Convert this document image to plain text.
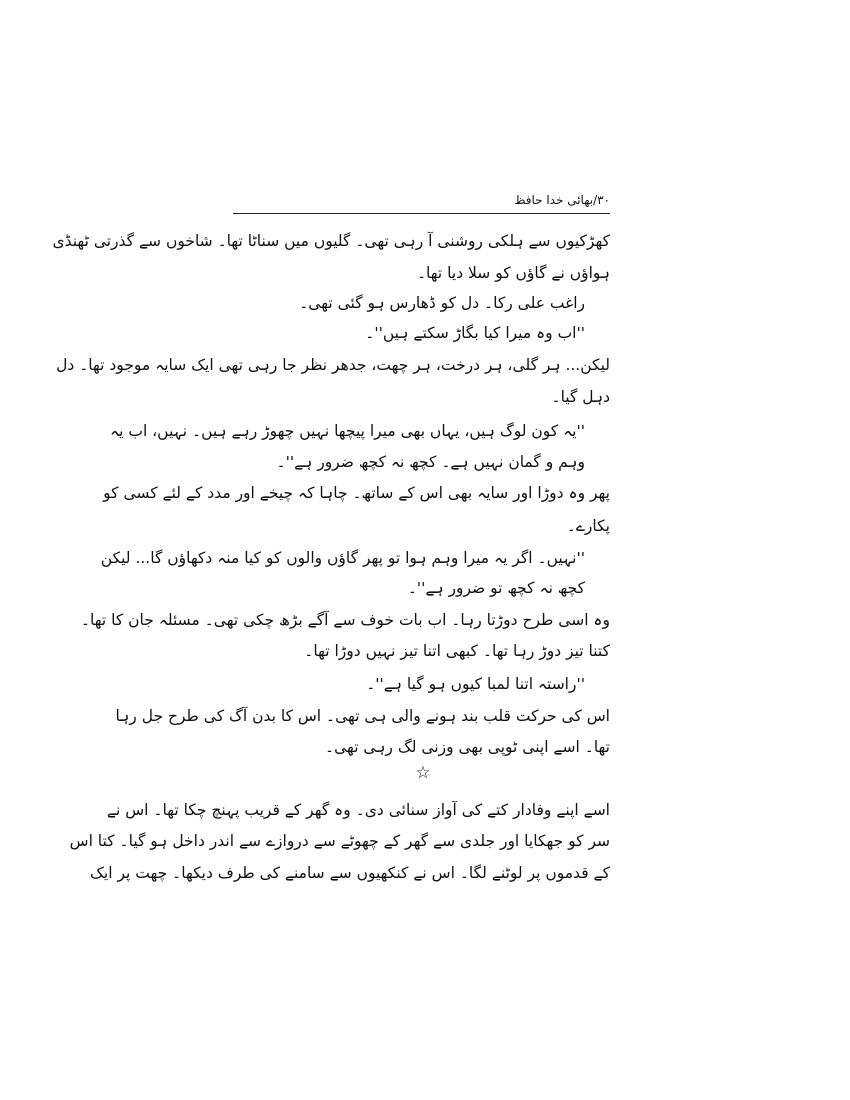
۳۰/بھائی خدا حافظ
کھڑکیوں سے ہلکی روشنی آ رہی تھی۔ گلیوں میں سناٹا تھا۔ شاخوں سے گذرتی ٹھنڈی
ہواؤں نے گاؤں کو سلا دیا تھا۔
راغب علی رکا۔ دل کو ڈھارس ہو گئی تھی۔
''اب وہ میرا کیا بگاڑ سکتے ہیں''۔
لیکن... ہر گلی، ہر درخت، ہر چھت، جدھر نظر جا رہی تھی ایک سایہ موجود تھا۔ دل
دہل گیا۔
''یہ کون لوگ ہیں، یہاں بھی میرا پیچھا نہیں چھوڑ رہے ہیں۔ نہیں، اب یہ
وہم و گمان نہیں ہے۔ کچھ نہ کچھ ضرور ہے''۔
پھر وہ دوڑا اور سایہ بھی اس کے ساتھ۔ چاہا کہ چیخے اور مدد کے لئے کسی کو
پکارے۔
''نہیں۔ اگر یہ میرا وہم ہوا تو پھر گاؤں والوں کو کیا منہ دکھاؤں گا... لیکن
کچھ نہ کچھ تو ضرور ہے''۔
وہ اسی طرح دوڑتا رہا۔ اب بات خوف سے آگے بڑھ چکی تھی۔ مسئلہ جان کا تھا۔
کتنا تیز دوڑ رہا تھا۔ کبھی اتنا تیز نہیں دوڑا تھا۔
''راستہ اتنا لمبا کیوں ہو گیا ہے''۔
اس کی حرکت قلب بند ہونے والی ہی تھی۔ اس کا بدن آگ کی طرح جل رہا
تھا۔ اسے اپنی ٹوپی بھی وزنی لگ رہی تھی۔
☆
اسے اپنے وفادار کتے کی آواز سنائی دی۔ وہ گھر کے قریب پہنچ چکا تھا۔ اس نے
سر کو جھکایا اور جلدی سے گھر کے چھوٹے سے دروازے سے اندر داخل ہو گیا۔ کتا اس
کے قدموں پر لوٹنے لگا۔ اس نے کنکھیوں سے سامنے کی طرف دیکھا۔ چھت پر ایک
